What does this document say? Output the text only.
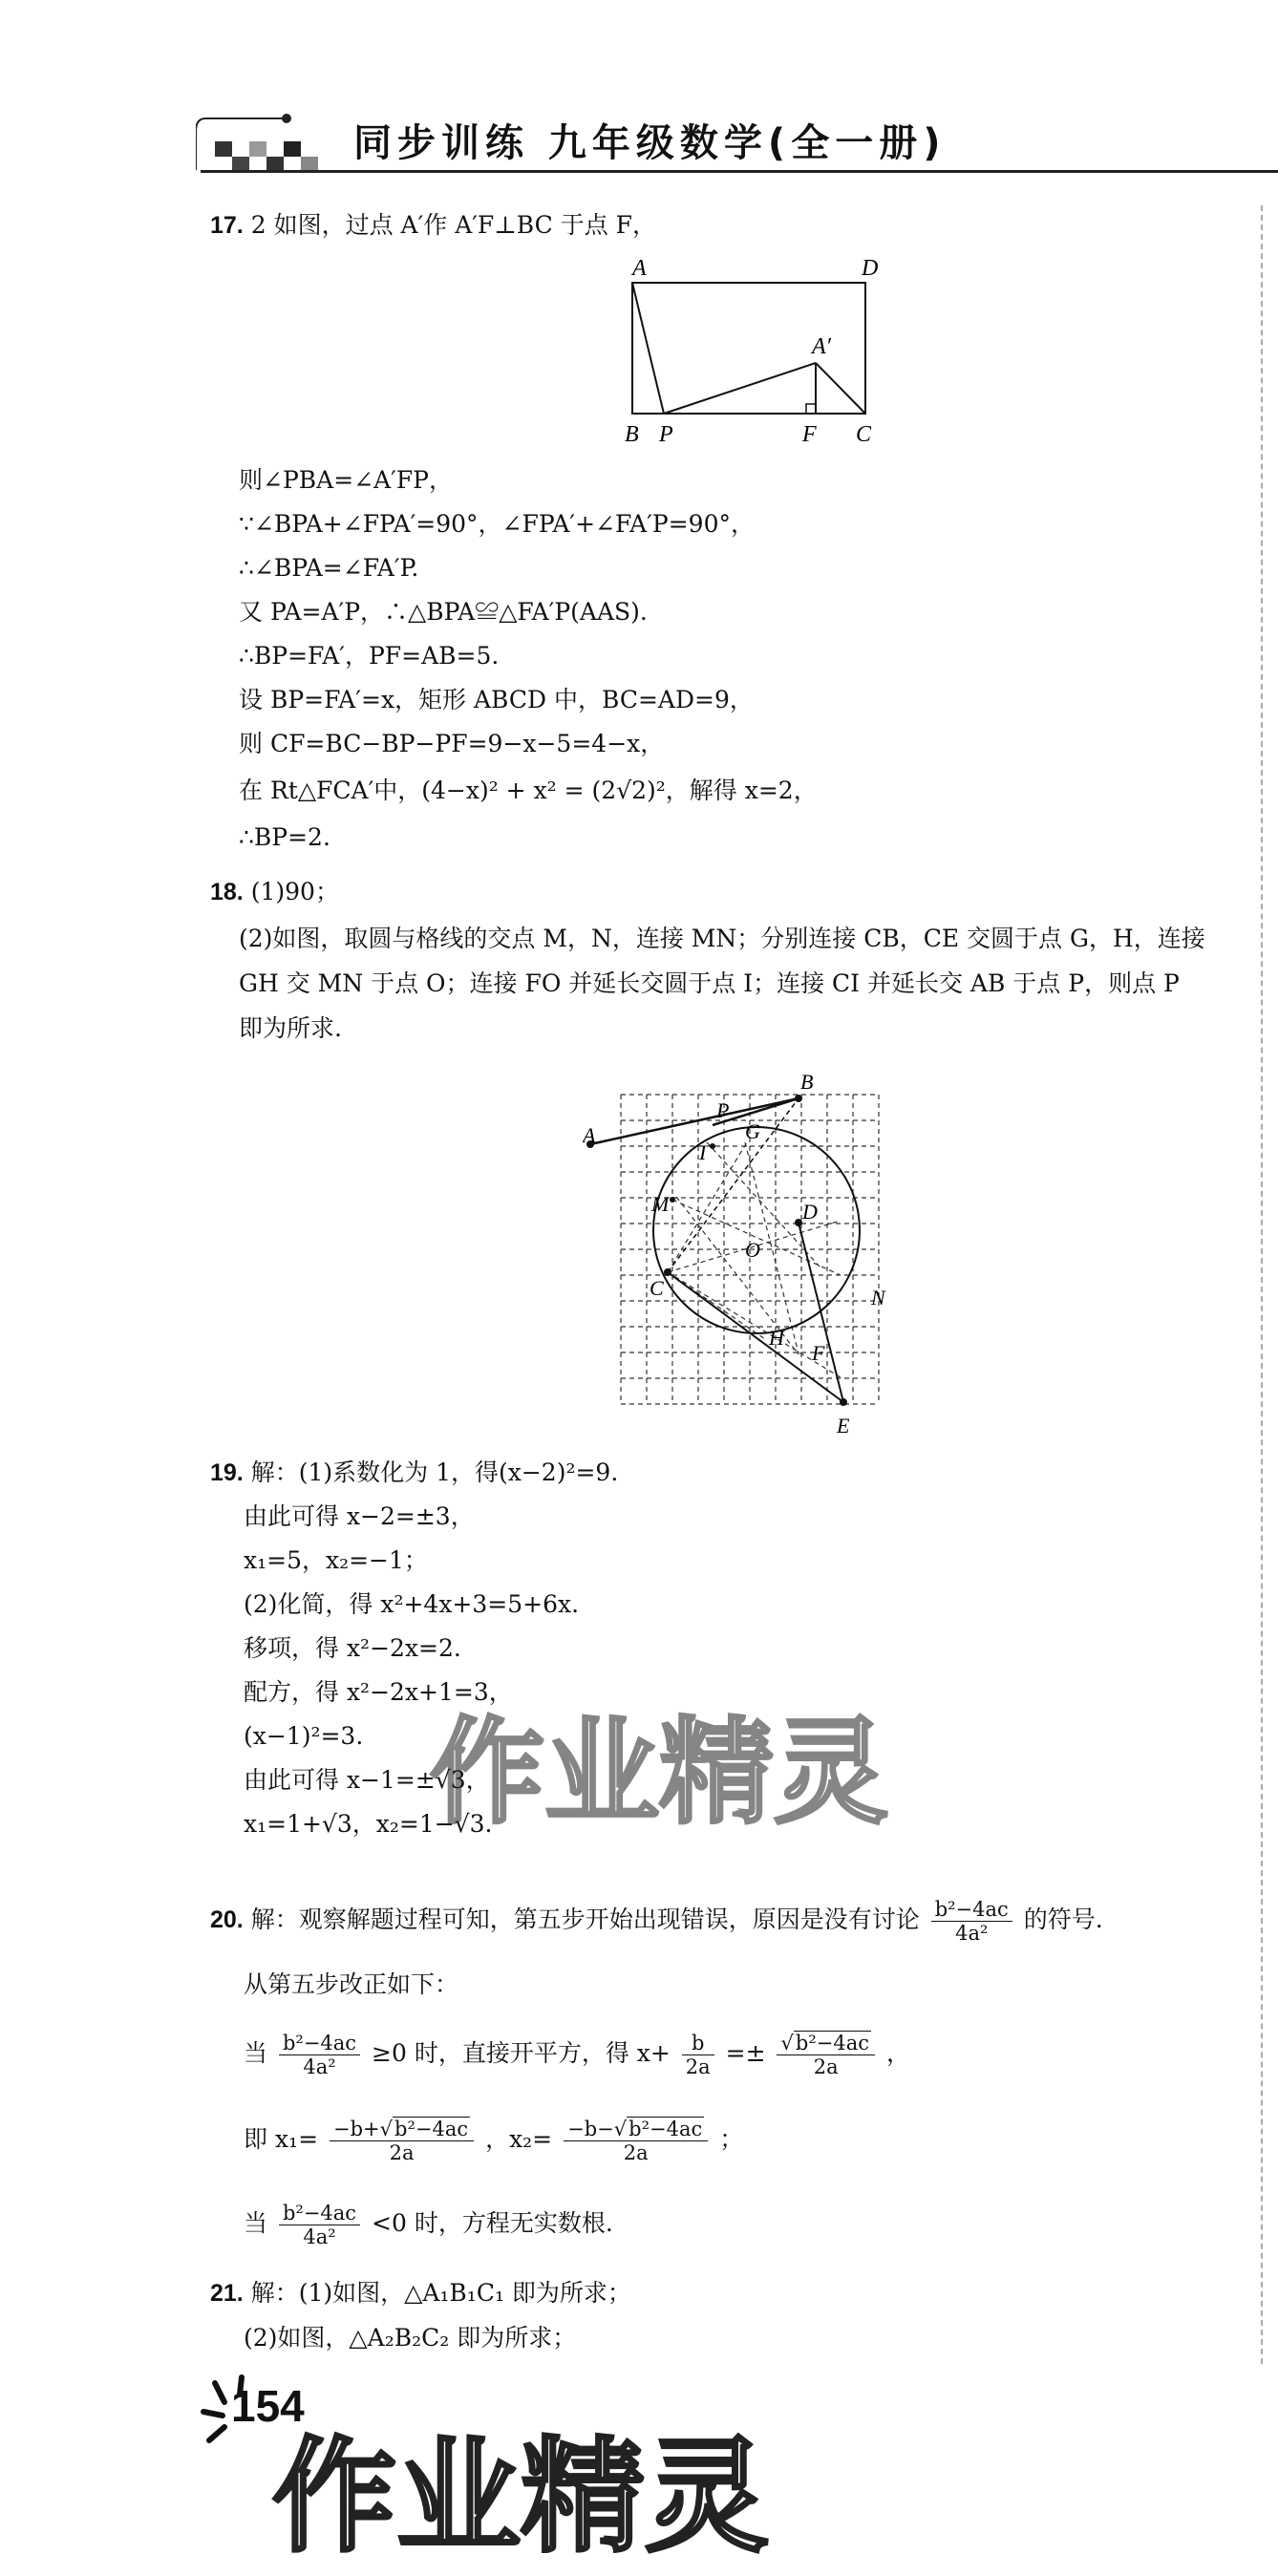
同步训练 九年级数学(全一册)
17. 2 如图，过点 A′作 A′F⊥BC 于点 F，
A	D
A′
B P	F C
则∠PBA=∠A′FP，
∵∠BPA+∠FPA′=90°，∠FPA′+∠FA′P=90°，
∴∠BPA=∠FA′P.
又 PA=A′P，∴△BPA≌△FA′P(AAS).
∴BP=FA′，PF=AB=5.
设 BP=FA′=x，矩形 ABCD 中，BC=AD=9，
则 CF=BC−BP−PF=9−x−5=4−x，
在 Rt△FCA′中，(4−x)² + x² = (2√2)²，解得 x=2，
∴BP=2.
18. (1)90；
(2)如图，取圆与格线的交点 M，N，连接 MN；分别连接 CB，CE 交圆于点 G，H，连接
GH 交 MN 于点 O；连接 FO 并延长交圆于点 I；连接 CI 并延长交 AB 于点 P，则点 P
即为所求.
A
B
P
G
I
M	D
O
C	N
H
F
E
19. 解：(1)系数化为 1，得(x−2)²=9.
由此可得 x−2=±3，
x₁=5，x₂=−1；
(2)化简，得 x²+4x+3=5+6x.
移项，得 x²−2x=2.
配方，得 x²−2x+1=3，
(x−1)²=3.
由此可得 x−1=±√3，
x₁=1+√3，x₂=1−√3.
20. 解：观察解题过程可知，第五步开始出现错误，原因是没有讨论 $\frac{\text{b²−4ac}}{\text{4a²}}$ 的符号.
从第五步改正如下：
当 $\frac{\text{b²−4ac}}{\text{4a²}} \ge 0$ 时，直接开平方，得 $x+ \frac{b}{2a} =\pm \frac{\text{√b²−4ac}}{2a}$ ，
即 $x_1= \frac{\text{−b+√b²−4ac}}{2a}$ ，$x_2= \frac{\text{−b−√b²−4ac}}{2a}$ ；
当 $\frac{\text{b²−4ac}}{\text{4a²}} <0$ 时，方程无实数根.
21. 解：(1)如图，△A₁B₁C₁ 即为所求；
(2)如图，△A₂B₂C₂ 即为所求；
154
作业精灵
作业精灵
